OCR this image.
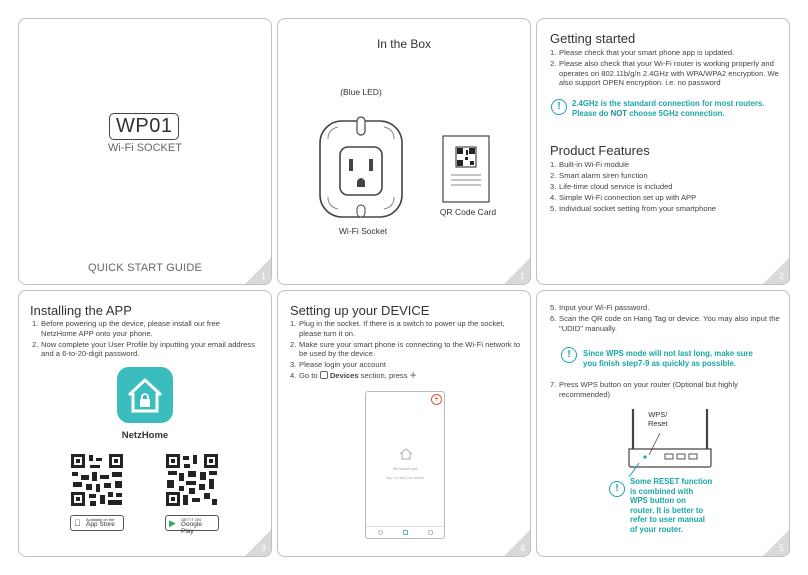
WP01
Wi-Fi SOCKET
QUICK START GUIDE
1
In the Box
(Blue LED)
Wi-Fi Socket
QR Code Card
1
Getting started
1. Please check that your smart phone app is updated.
2. Please also check that your Wi-Fi router is working properly and operates on 802.11b/g/n 2.4GHz with WPA/WPA2 encryption. We also support OPEN encryption. i.e. no password
!	2.4GHz is the standard connection for most routers.
Please do NOT choose 5GHz connection.
Product Features
1. Built-in Wi-Fi module
2. Smart alarm siren function
3. Life-time cloud service is included
4. Simple Wi-Fi connection set up with APP
5. Individual socket setting from your smartphone
2
Installing the APP
1. Before powering up the device, please install our free NetzHome APP onto your phone.
2. Now complete your User Profile by inputting your email address and a 6-to-20-digit password.
NetzHome
Available on the
App Store	▶ GET IT ON
Google Play
3
Setting up your DEVICE
1. Plug in the socket. If there is a switch to power up the socket, please turn it on.
2. Make sure your smart phone is connecting to the Wi-Fi network to be used by the device.
3. Please login your account
4. Go to Devices section, press +
+
No device yet
Tap + to add your device
4
5. Input your Wi-Fi password.
6. Scan the QR code on Hang Tag or device. You may also input the "UDID" manually.
!	Since WPS mode will not last long, make sure
you finish step7-9 as quickly as possible.
7. Press WPS button on your router (Optional but highly recommended)
WPS/
Reset
!
Some RESET function
is combined with
WPS button on
router. It is better to
refer to user manual
of your router.
5
